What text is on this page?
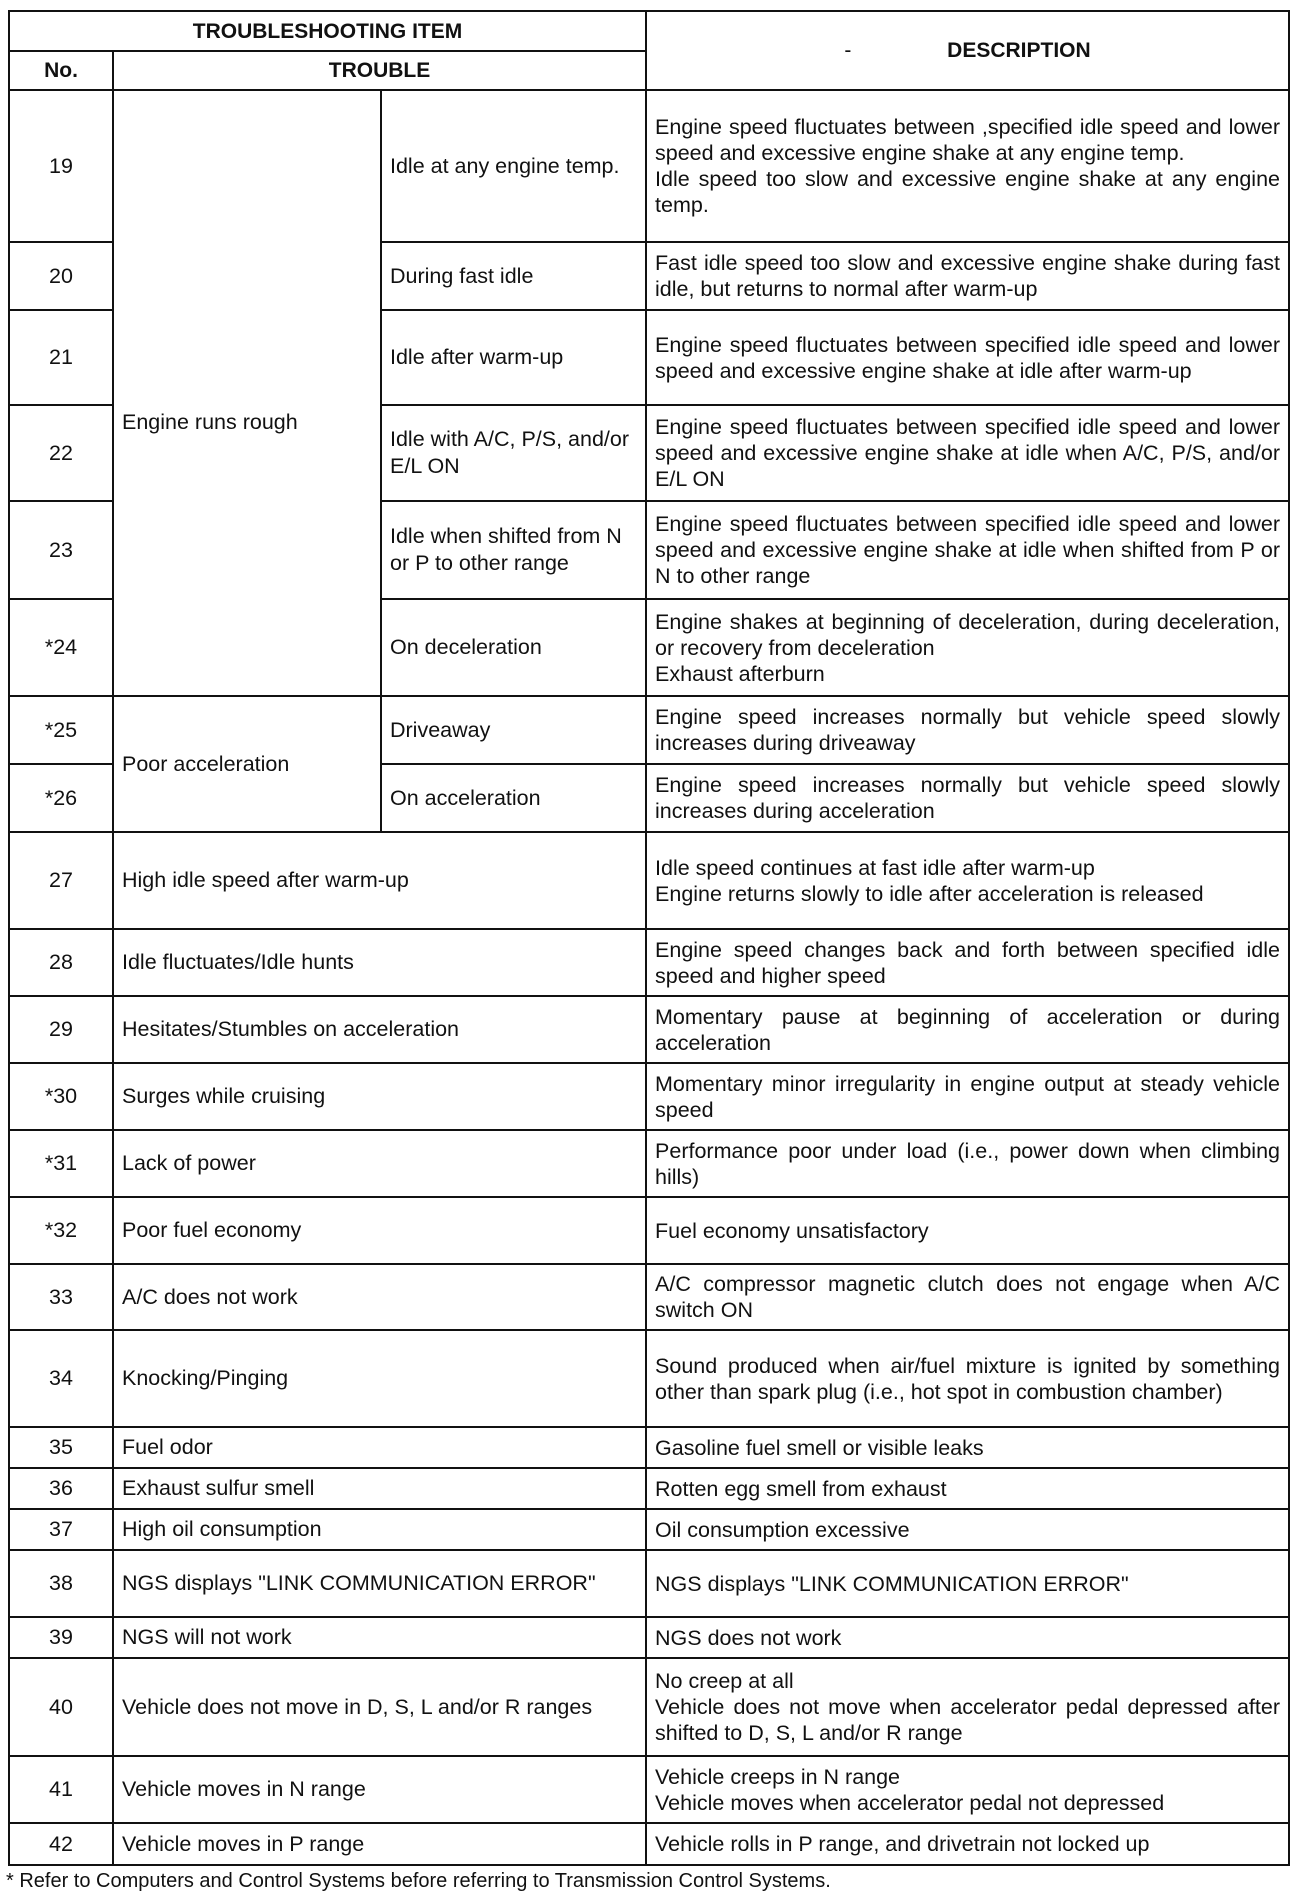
TROUBLESHOOTING ITEM			- DESCRIPTION
No.	TROUBLE		
19	Engine runs rough	Idle at any engine temp.	Engine speed fluctuates between ,specified idle speed and lower speed and excessive engine shake at any engine temp.
Idle speed too slow and excessive engine shake at any engine temp.

20		During fast idle	Fast idle speed too slow and excessive engine shake during fast idle, but returns to normal after warm-up

21		Idle after warm-up	Engine speed fluctuates between specified idle speed and lower speed and excessive engine shake at idle after warm-up

22		Idle with A/C, P/S, and/or E/L ON	Engine speed fluctuates between specified idle speed and lower speed and excessive engine shake at idle when A/C, P/S, and/or E/L ON

23		Idle when shifted from N or P to other range	Engine speed fluctuates between specified idle speed and lower speed and excessive engine shake at idle when shifted from P or N to other range

*24		On deceleration	Engine shakes at beginning of deceleration, during deceleration, or recovery from deceleration
Exhaust afterburn

*25	Poor acceleration	Driveaway	Engine speed increases normally but vehicle speed slowly increases during driveaway

*26		On acceleration	Engine speed increases normally but vehicle speed slowly increases during acceleration

27	High idle speed after warm-up		Idle speed continues at fast idle after warm-up
Engine returns slowly to idle after acceleration is released

28	Idle fluctuates/Idle hunts		Engine speed changes back and forth between specified idle speed and higher speed

29	Hesitates/Stumbles on acceleration		Momentary pause at beginning of acceleration or during acceleration

*30	Surges while cruising		Momentary minor irregularity in engine output at steady vehicle speed

*31	Lack of power		Performance poor under load (i.e., power down when climbing hills)

*32	Poor fuel economy		Fuel economy unsatisfactory

33	A/C does not work		A/C compressor magnetic clutch does not engage when A/C switch ON

34	Knocking/Pinging		Sound produced when air/fuel mixture is ignited by something other than spark plug (i.e., hot spot in combustion chamber)

35	Fuel odor		Gasoline fuel smell or visible leaks

36	Exhaust sulfur smell		Rotten egg smell from exhaust

37	High oil consumption		Oil consumption excessive

38	NGS displays "LINK COMMUNICATION ERROR"		NGS displays "LINK COMMUNICATION ERROR"

39	NGS will not work		NGS does not work

40	Vehicle does not move in D, S, L and/or R ranges		No creep at all
Vehicle does not move when accelerator pedal depressed after shifted to D, S, L and/or R range

41	Vehicle moves in N range		Vehicle creeps in N range
Vehicle moves when accelerator pedal not depressed

42	Vehicle moves in P range		Vehicle rolls in P range, and drivetrain not locked up
* Refer to Computers and Control Systems before referring to Transmission Control Systems.
